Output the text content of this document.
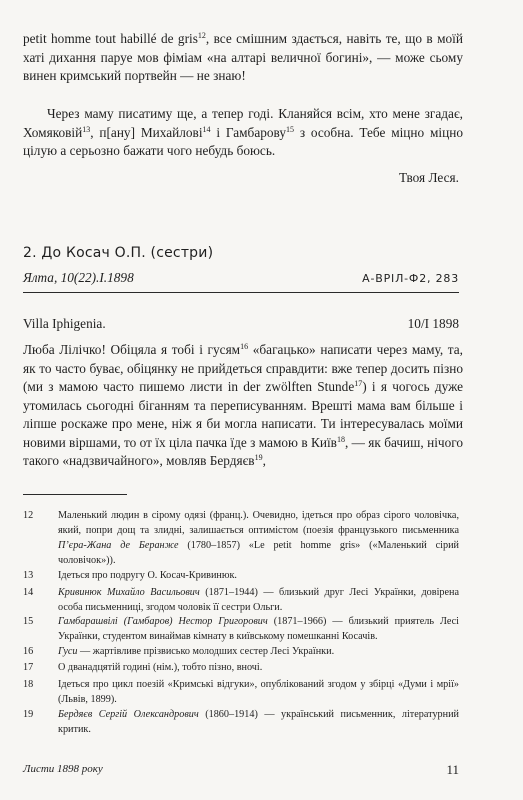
petit homme tout habillé de gris$^{12}$, все смішним здається, навіть те, що в моїй хаті дихання паруе мов фіміам «на алтарі величної богині», — може сьому винен кримський портвейн — не знаю!

Через маму писатиму ще, а тепер годі. Кланяйся всім, хто мене згадає, Хомяковій$^{13}$, п[ану] Михайлові$^{14}$ і Гамбарову$^{15}$ з особна. Тебе міцно міцно цілую а серьозно бажати чого небудь боюсь.

Твоя Леся.
2. До Косач О.П. (сестри)
Ялта, 10(22).І.1898	А-ВРІЛ-Ф2, 283
Villa Iphigenia.	10/I 1898

Люба Лілічко! Обіцяла я тобі і гусям$^{16}$ «багацько» написати через маму, та, як то часто буває, обіцянку не прийдеться справдити: вже тепер досить пізно (ми з мамою часто пишемо листи in der zwölften Stunde$^{17}$) і я чогось дуже утомилась сьогодні біганням та переписуванням. Врешті мама вам більше і ліпше роскаже про мене, ніж я би могла написати. Ти інтересувалась моїми новими віршами, то от їх ціла пачка їде з мамою в Київ$^{18}$, — як бачиш, нічого такого «надзвичайного», мовляв Бердяєв$^{19}$,

12	Маленький людин в сірому одязі (франц.). Очевидно, ідеться про образ сірого чоловічка, який, попри дощ та злидні, залишається оптимістом (поезія французького письменника П’єра-Жана де Беранже (1780–1857) «Le petit homme gris» («Маленький сірий чоловічок»)).
13	Ідеться про подругу О. Косач-Кривинюк.
14	Кривинюк Михайло Васильович (1871–1944) — близький друг Лесі Українки, довірена особа письменниці, згодом чоловік її сестри Ольги.
15	Гамбарашвілі (Гамбаров) Нестор Григорович (1871–1966) — близький приятель Лесі Українки, студентом винаймав кімнату в київському помешканні Косачів.
16	Гуси — жартівливе прізвисько молодших сестер Лесі Українки.
17	О дванадцятій годині (нім.), тобто пізно, вночі.
18	Ідеться про цикл поезій «Кримські відгуки», опублікований згодом у збірці «Думи і мрії» (Львів, 1899).
19	Бердяєв Сергій Олександрович (1860–1914) — український письменник, літературний критик.
Листи 1898 року	11
